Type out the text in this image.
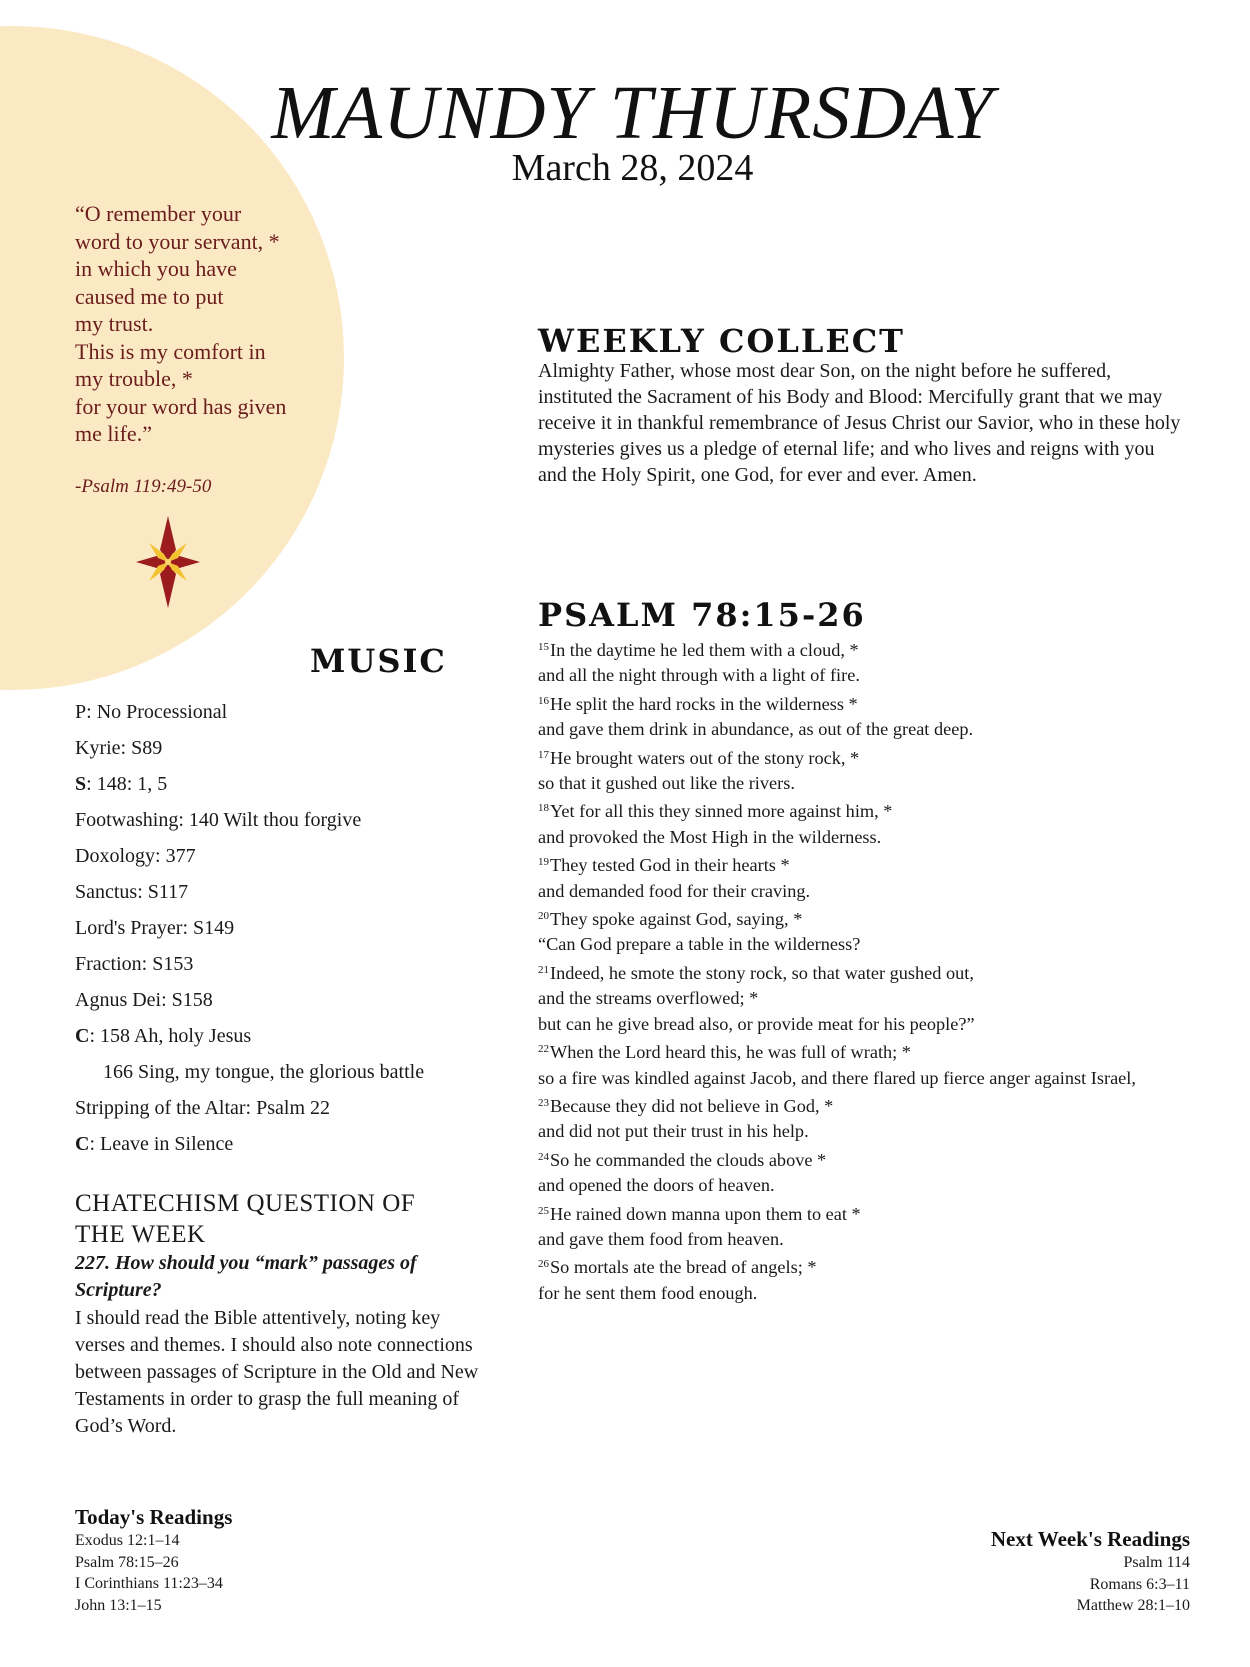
MAUNDY THURSDAY
March 28, 2024
“O remember your
word to your servant, *
in which you have
caused me to put
my trust.
This is my comfort in
my trouble, *
for your word has given
me life.”
-Psalm 119:49-50
WEEKLY COLLECT
Almighty Father, whose most dear Son, on the night before he suffered, instituted the Sacrament of his Body and Blood: Mercifully grant that we may receive it in thankful remembrance of Jesus Christ our Savior, who in these holy mysteries gives us a pledge of eternal life; and who lives and reigns with you and the Holy Spirit, one God, for ever and ever. Amen.
PSALM 78:15-26
$^{15}$In the daytime he led them with a cloud, *
and all the night through with a light of fire.
$^{16}$He split the hard rocks in the wilderness *
and gave them drink in abundance, as out of the great deep.
$^{17}$He brought waters out of the stony rock, *
so that it gushed out like the rivers.
$^{18}$Yet for all this they sinned more against him, *
and provoked the Most High in the wilderness.
$^{19}$They tested God in their hearts *
and demanded food for their craving.
$^{20}$They spoke against God, saying, *
“Can God prepare a table in the wilderness?
$^{21}$Indeed, he smote the stony rock, so that water gushed out,
and the streams overflowed; *
but can he give bread also, or provide meat for his people?”
$^{22}$When the Lord heard this, he was full of wrath; *
so a fire was kindled against Jacob, and there flared up fierce anger against Israel,
$^{23}$Because they did not believe in God, *
and did not put their trust in his help.
$^{24}$So he commanded the clouds above *
and opened the doors of heaven.
$^{25}$He rained down manna upon them to eat *
and gave them food from heaven.
$^{26}$So mortals ate the bread of angels; *
for he sent them food enough.
MUSIC
P: No Processional
Kyrie: S89
S: 148: 1, 5
Footwashing: 140 Wilt thou forgive
Doxology: 377
Sanctus: S117
Lord's Prayer: S149
Fraction: S153
Agnus Dei: S158
C: 158 Ah, holy Jesus
166 Sing, my tongue, the glorious battle
Stripping of the Altar: Psalm 22
C: Leave in Silence
CHATECHISM QUESTION OF THE WEEK
227. How should you “mark” passages of Scripture?
I should read the Bible attentively, noting key verses and themes. I should also note connections between passages of Scripture in the Old and New Testaments in order to grasp the full meaning of God’s Word.
Today's Readings
Exodus 12:1–14
Psalm 78:15–26
I Corinthians 11:23–34
John 13:1–15
Next Week's Readings
Psalm 114
Romans 6:3–11
Matthew 28:1–10
